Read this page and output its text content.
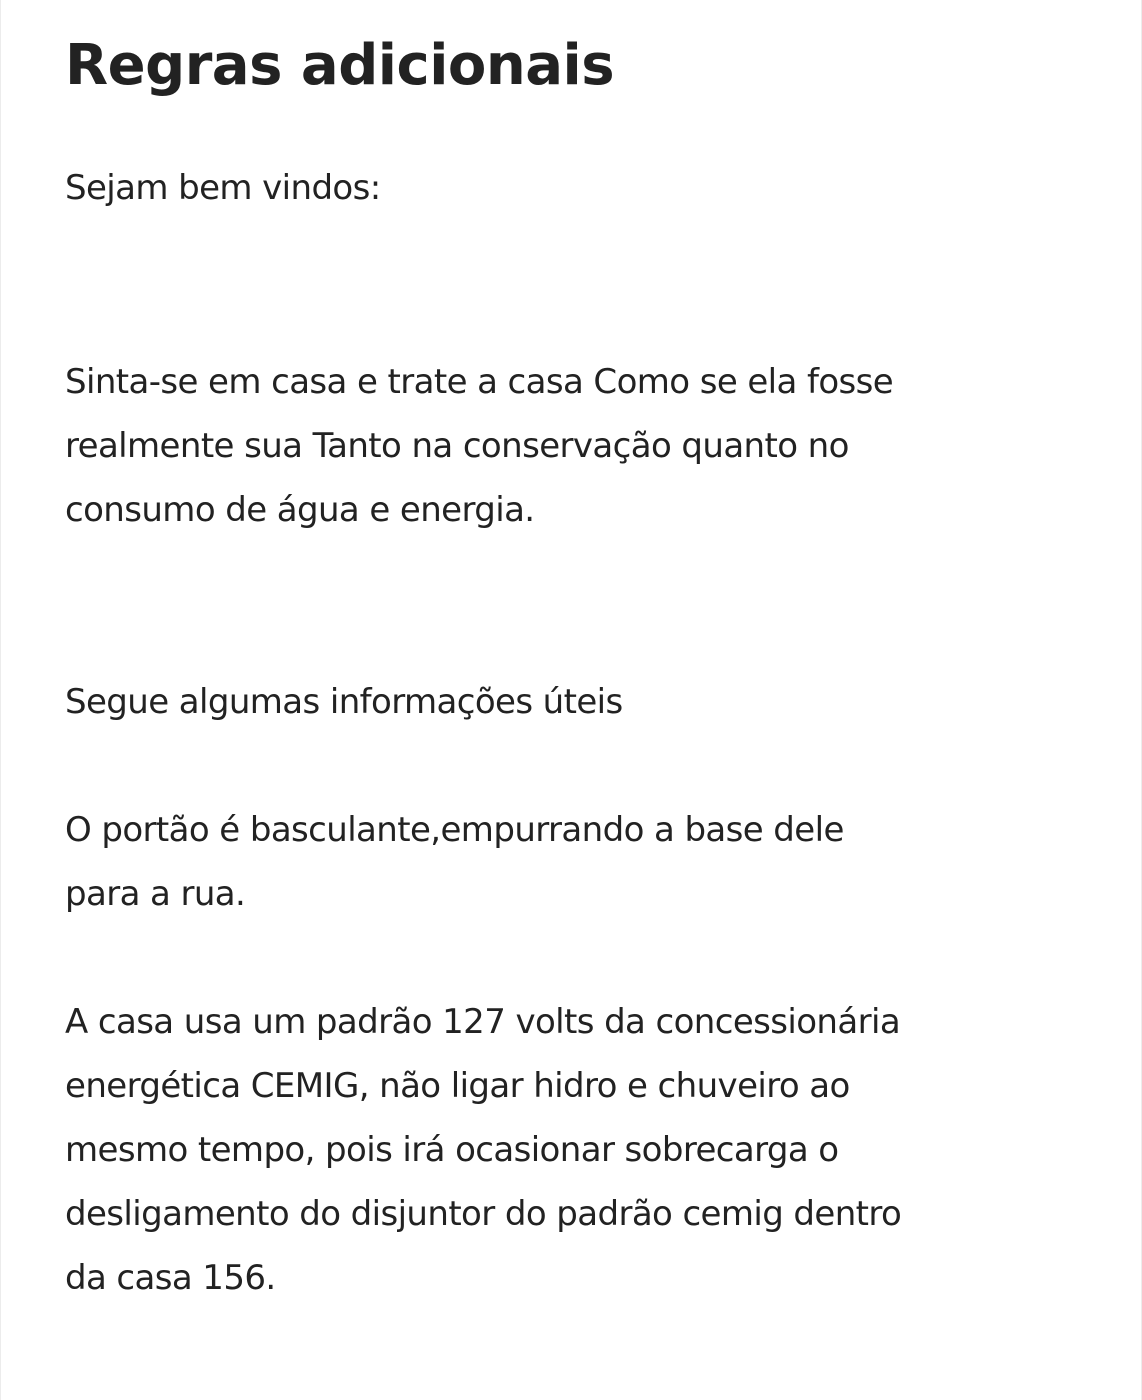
Regras adicionais

Sejam bem vindos:

Sinta-se em casa e trate a casa Como se ela fosse
realmente sua Tanto na conservação quanto no
consumo de água e energia.

Segue algumas informações úteis

O portão é basculante,empurrando a base dele
para a rua.

A casa usa um padrão 127 volts da concessionária
energética CEMIG, não ligar hidro e chuveiro ao
mesmo tempo, pois irá ocasionar sobrecarga o
desligamento do disjuntor do padrão cemig dentro
da casa 156.
